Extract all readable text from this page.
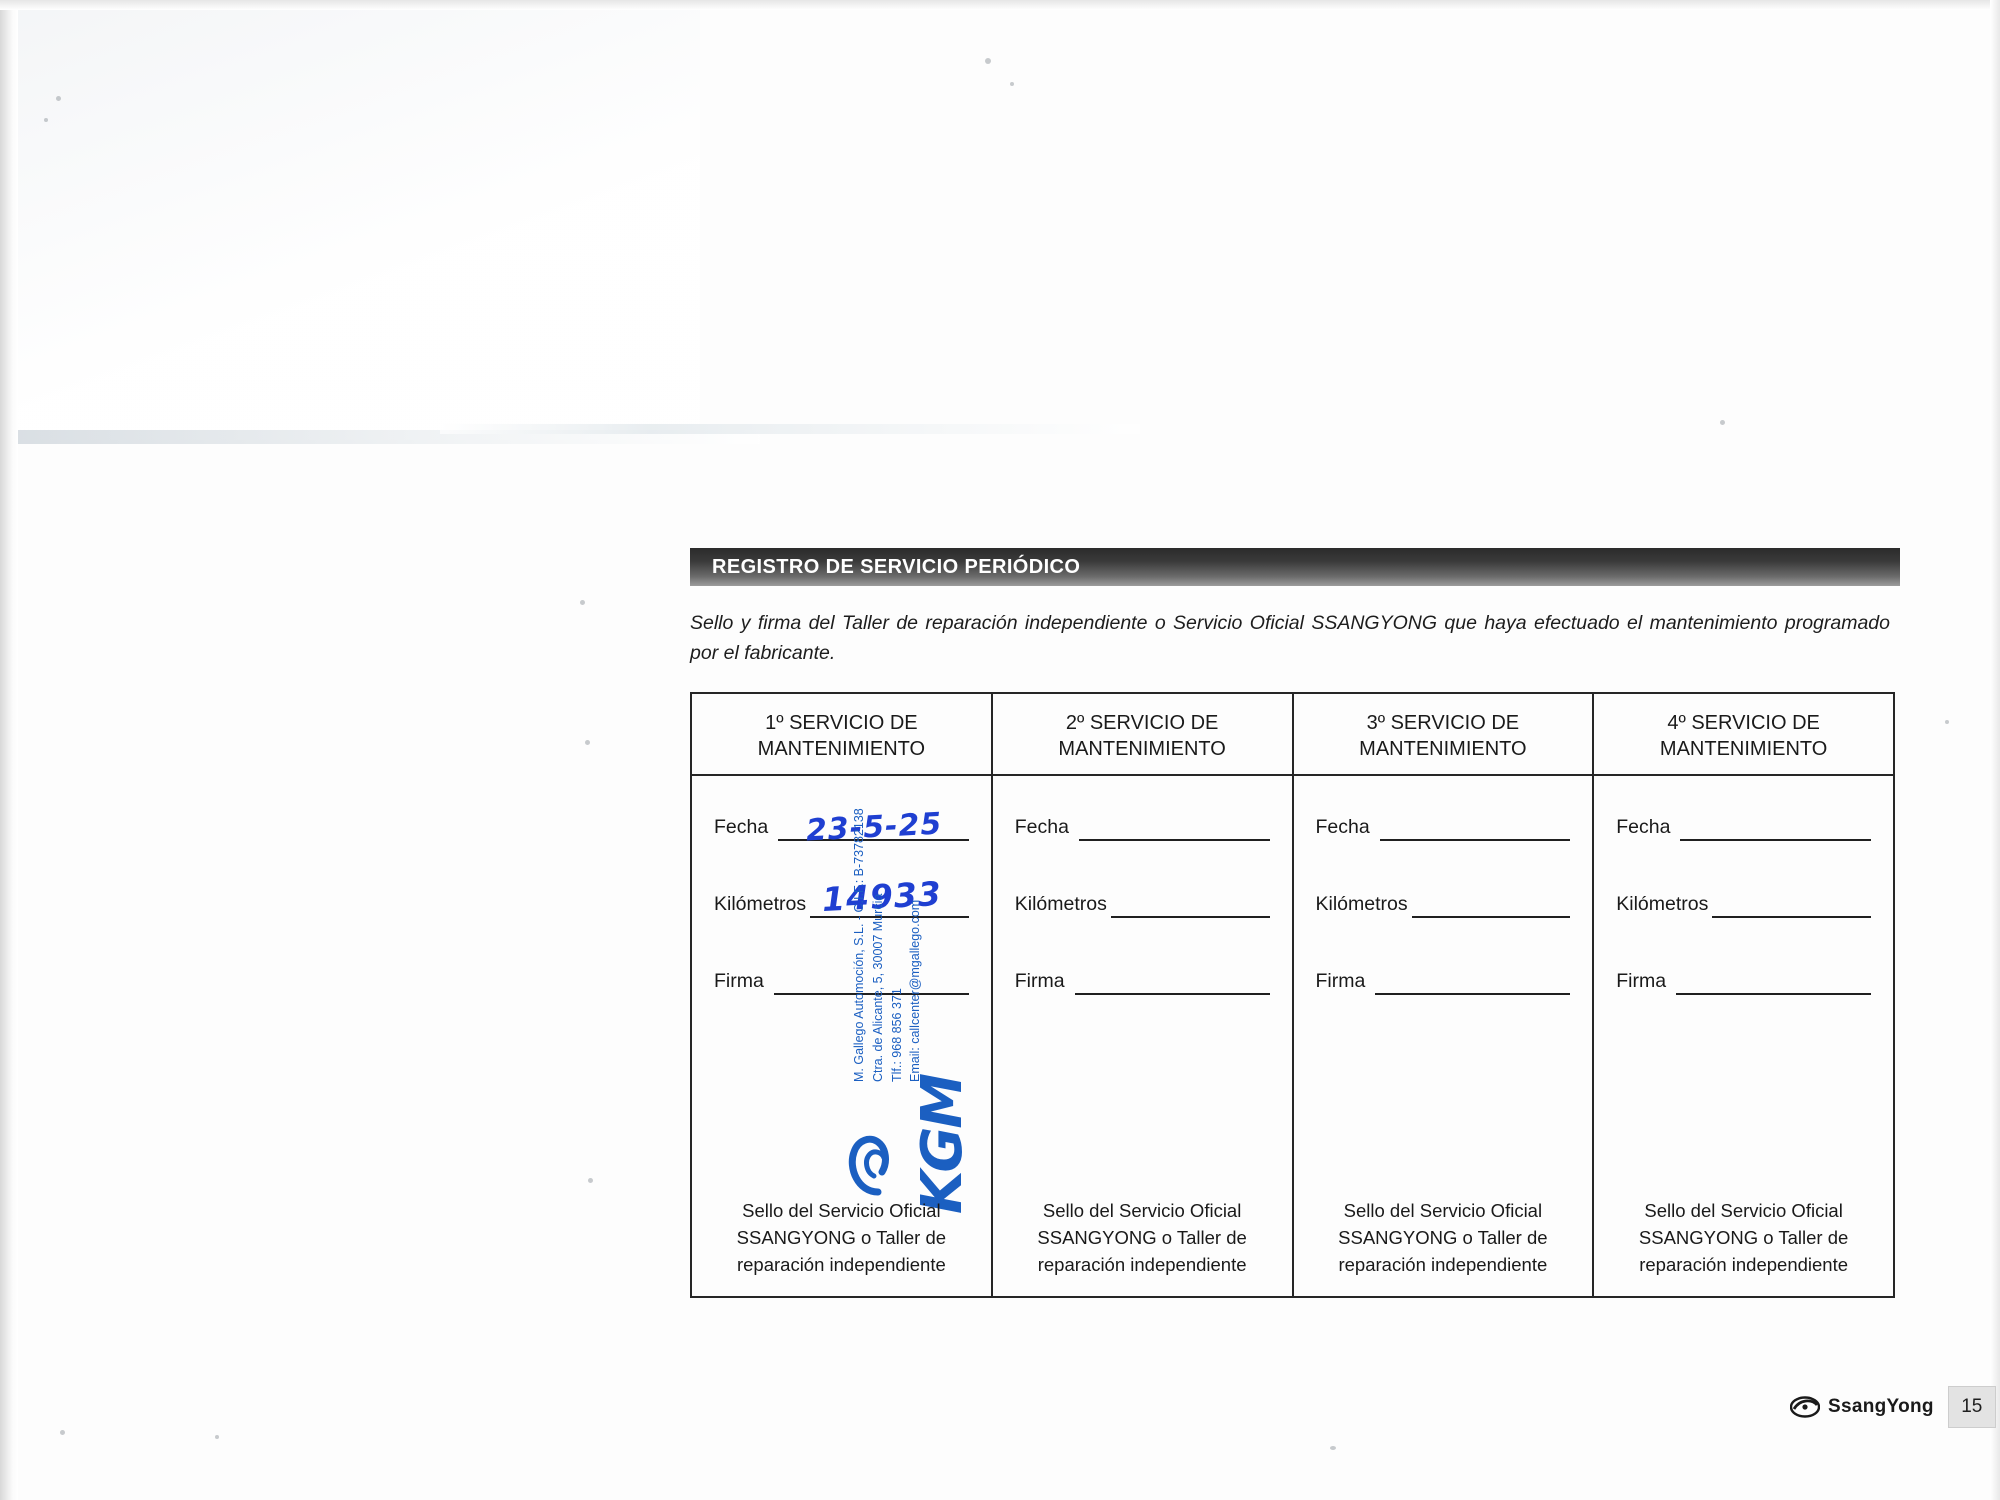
REGISTRO DE SERVICIO PERIÓDICO

Sello y firma del Taller de reparación independiente o Servicio Oficial SSANGYONG que haya efectuado el mantenimiento programado por el fabricante.

1º SERVICIO DE MANTENIMIENTO	2º SERVICIO DE MANTENIMIENTO	3º SERVICIO DE MANTENIMIENTO	4º SERVICIO DE MANTENIMIENTO

Fecha 23-5-25
Kilómetros 14933
Firma
KGM
M. Gallego Automoción, S.L. - C.I.F.: B-73782138 Ctra. de Alicante, 5, 30007 Murcia Tlf.: 968 856 371 Email: callcenter@mgallego.com
Sello del Servicio Oficial SSANGYONG o Taller de reparación independiente

Fecha
Kilómetros
Firma
Sello del Servicio Oficial SSANGYONG o Taller de reparación independiente

Fecha
Kilómetros
Firma
Sello del Servicio Oficial SSANGYONG o Taller de reparación independiente

Fecha
Kilómetros
Firma
Sello del Servicio Oficial SSANGYONG o Taller de reparación independiente
SsangYong	15
